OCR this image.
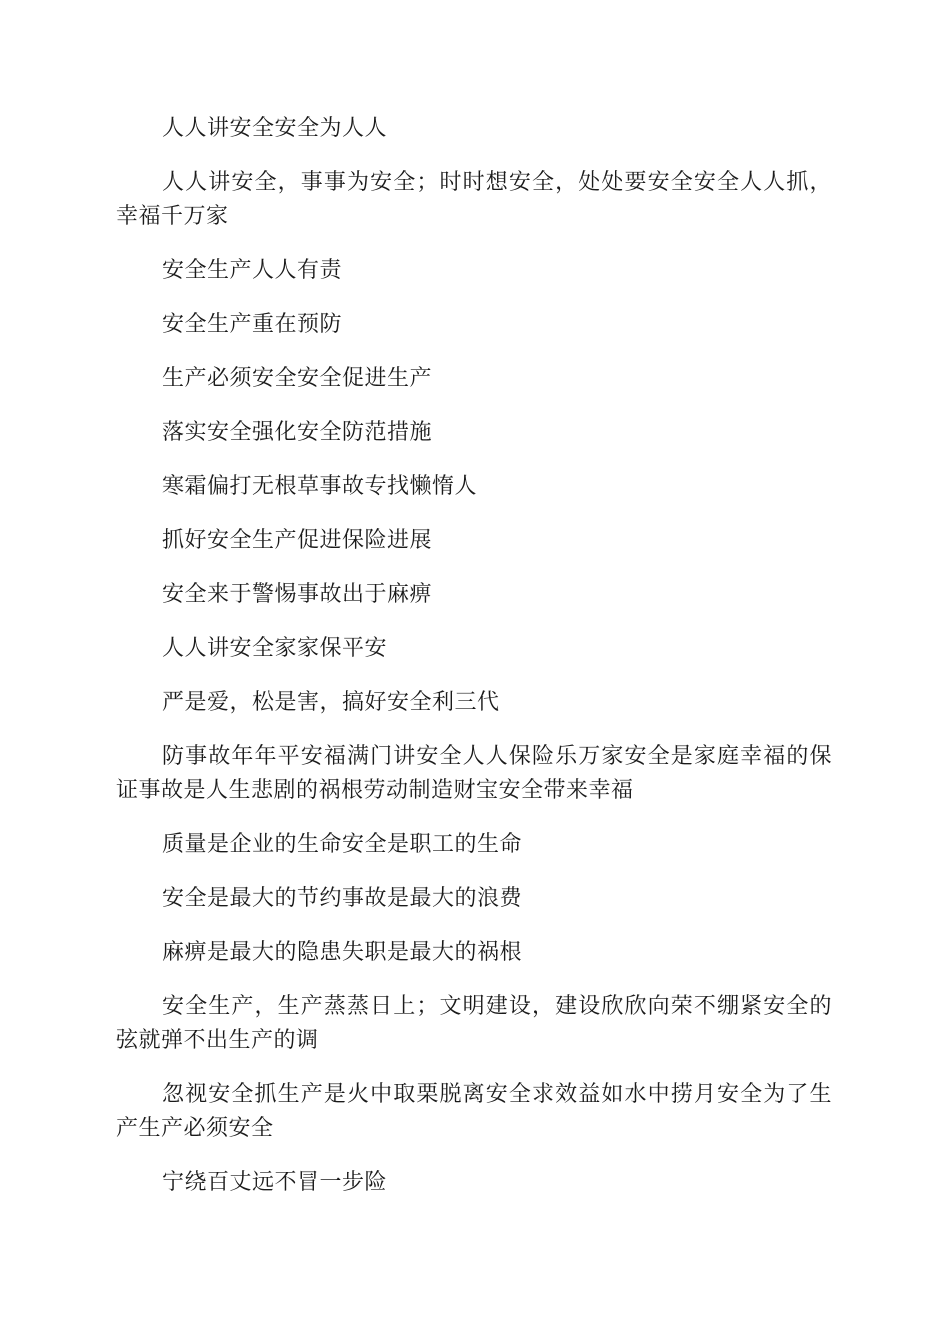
人人讲安全安全为人人

人人讲安全，事事为安全；时时想安全，处处要安全安全人人抓，幸福千万家

安全生产人人有责

安全生产重在预防

生产必须安全安全促进生产

落实安全强化安全防范措施

寒霜偏打无根草事故专找懒惰人

抓好安全生产促进保险进展

安全来于警惕事故出于麻痹

人人讲安全家家保平安

严是爱，松是害，搞好安全利三代

防事故年年平安福满门讲安全人人保险乐万家安全是家庭幸福的保证事故是人生悲剧的祸根劳动制造财宝安全带来幸福

质量是企业的生命安全是职工的生命

安全是最大的节约事故是最大的浪费

麻痹是最大的隐患失职是最大的祸根

安全生产，生产蒸蒸日上；文明建设，建设欣欣向荣不绷紧安全的弦就弹不出生产的调

忽视安全抓生产是火中取栗脱离安全求效益如水中捞月安全为了生产生产必须安全

宁绕百丈远不冒一步险
